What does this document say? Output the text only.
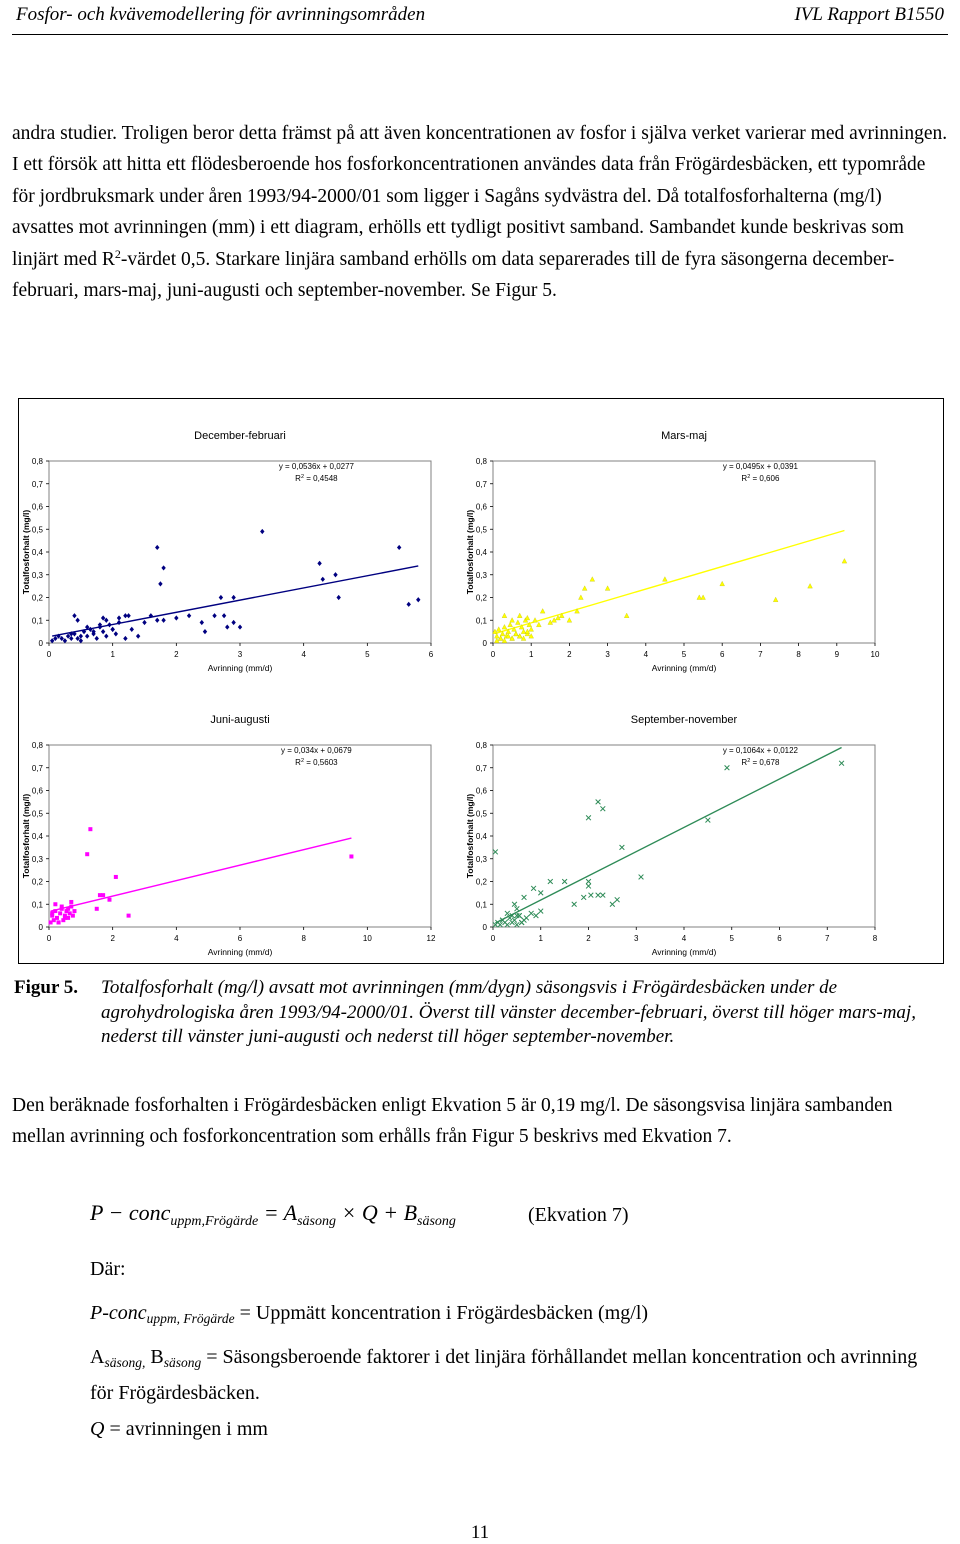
Fosfor- och kvävemodellering för avrinningsområden	IVL Rapport B1550

andra studier. Troligen beror detta främst på att även koncentrationen av fosfor i själva verket varierar med avrinningen. I ett försök att hitta ett flödesberoende hos fosforkoncentrationen användes data från Frögärdesbäcken, ett typområde för jordbruksmark under åren 1993/94-2000/01 som ligger i Sagåns sydvästra del. Då totalfosforhalterna (mg/l) avsattes mot avrinningen (mm) i ett diagram, erhölls ett tydligt positivt samband. Sambandet kunde beskrivas som linjärt med $R^2$-värdet 0,5. Starkare linjära samband erhölls om data separerades till de fyra säsongerna december-februari, mars-maj, juni-augusti och september-november. Se Figur 5.

December-februari
0
0,1
0,2
0,3
0,4
0,5
0,6
0,7
0,8
0	1	2	3	4	5	6
Avrinning (mm/d)
Totalfosforhalt (mg/l)
y = 0,0536x + 0,0277
$R^2 = 0,4548$
Mars-maj
0
0,1
0,2
0,3
0,4
0,5
0,6
0,7
0,8
0	1	2	3	4	5	6	7	8	9	10
Avrinning (mm/d)
Totalfosforhalt (mg/l)
y = 0,0495x + 0,0391
$R^2 = 0,606$
Juni-augusti
0
0,1
0,2
0,3
0,4
0,5
0,6
0,7
0,8
0	2	4	6	8	10	12
Avrinning (mm/d)
Totalfosforhalt (mg/l)
y = 0,034x + 0,0679
$R^2 = 0,5603$
September-november
0
0,1
0,2
0,3
0,4
0,5
0,6
0,7
0,8
0	1	2	3	4	5	6	7	8
Avrinning (mm/d)
Totalfosforhalt (mg/l)
y = 0,1064x + 0,0122
$R^2 = 0,678$
Figur 5. Totalfosforhalt (mg/l) avsatt mot avrinningen (mm/dygn) säsongsvis i Frögärdesbäcken under de agrohydrologiska åren 1993/94-2000/01. Överst till vänster december-februari, överst till höger mars-maj, nederst till vänster juni-augusti och nederst till höger september-november.

Den beräknade fosforhalten i Frögärdesbäcken enligt Ekvation 5 är 0,19 mg/l. De säsongsvisa linjära sambanden mellan avrinning och fosforkoncentration som erhålls från Figur 5 beskrivs med Ekvation 7.

P − conc$_{uppm,Frögärde}$ = $A_{säsong} \times Q + B_{säsong}$	(Ekvation 7)
Där:
P-conc$_{uppm, Frögärde}$ = Uppmätt koncentration i Frögärdesbäcken (mg/l)
$A_{säsong,}$ $B_{säsong}$ = Säsongsberoende faktorer i det linjära förhållandet mellan koncentration och avrinning för Frögärdesbäcken.
Q = avrinningen i mm
11
